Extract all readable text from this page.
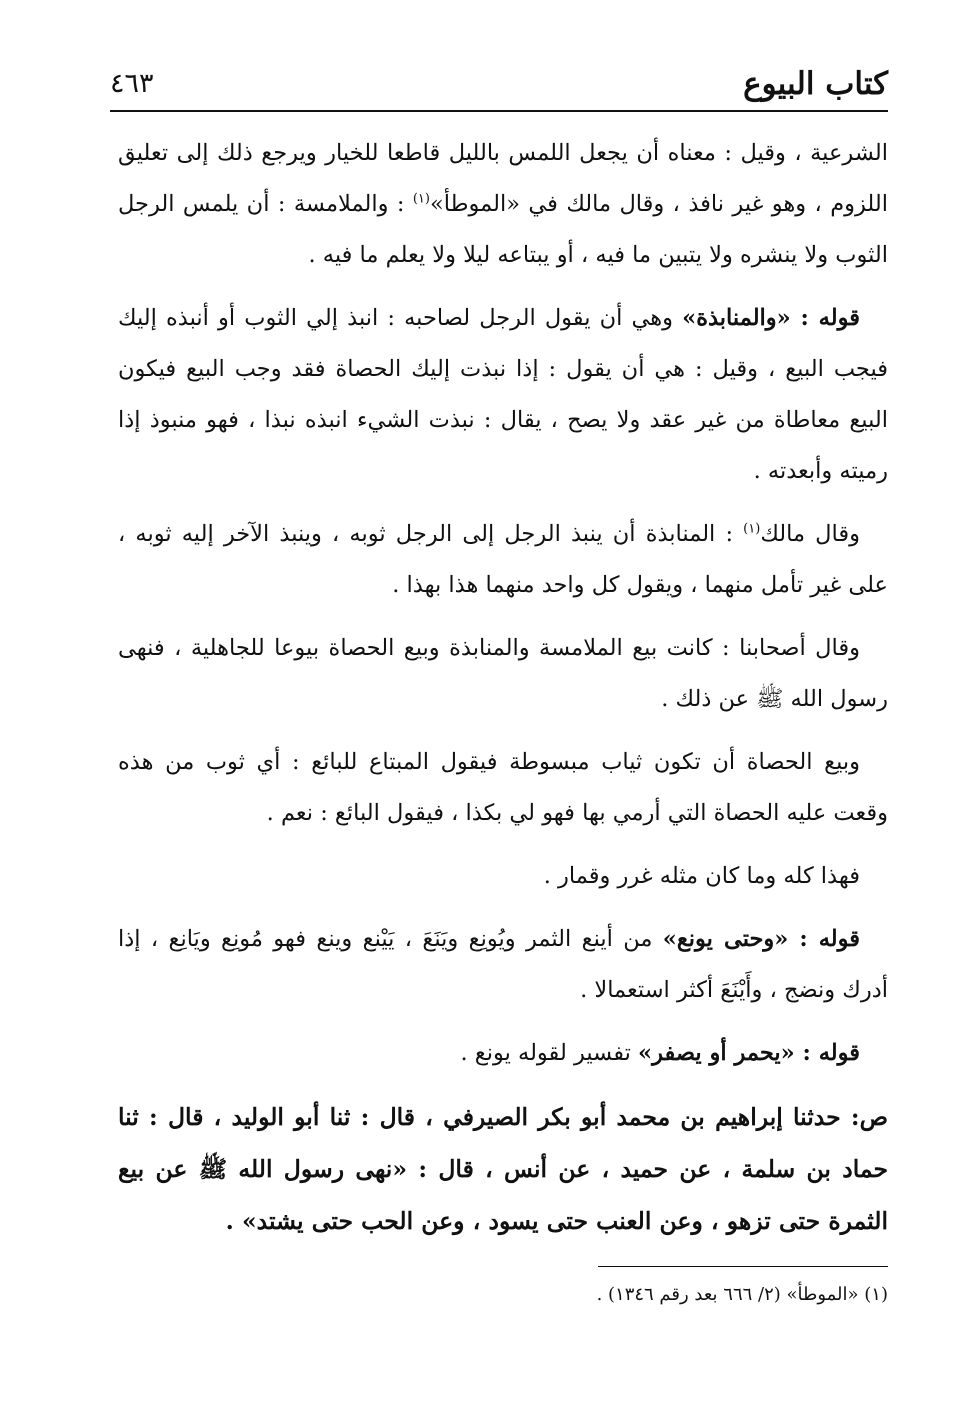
كتاب البيوع
٤٦٣

الشرعية ، وقيل : معناه أن يجعل اللمس بالليل قاطعا للخيار ويرجع ذلك إلى تعليق اللزوم ، وهو غير نافذ ، وقال مالك في «الموطأ»$^{(١)}$ : والملامسة : أن يلمس الرجل الثوب ولا ينشره ولا يتبين ما فيه ، أو يبتاعه ليلا ولا يعلم ما فيه .

قوله : «والمنابذة» وهي أن يقول الرجل لصاحبه : انبذ إلي الثوب أو أنبذه إليك فيجب البيع ، وقيل : هي أن يقول : إذا نبذت إليك الحصاة فقد وجب البيع فيكون البيع معاطاة من غير عقد ولا يصح ، يقال : نبذت الشيء انبذه نبذا ، فهو منبوذ إذا رميته وأبعدته .

وقال مالك$^{(١)}$ : المنابذة أن ينبذ الرجل إلى الرجل ثوبه ، وينبذ الآخر إليه ثوبه ، على غير تأمل منهما ، ويقول كل واحد منهما هذا بهذا .

وقال أصحابنا : كانت بيع الملامسة والمنابذة وبيع الحصاة بيوعا للجاهلية ، فنهى رسول الله ﷺ عن ذلك .

وبيع الحصاة أن تكون ثياب مبسوطة فيقول المبتاع للبائع : أي ثوب من هذه وقعت عليه الحصاة التي أرمي بها فهو لي بكذا ، فيقول البائع : نعم .

فهذا كله وما كان مثله غرر وقمار .

قوله : «وحتى يونع» من أينع الثمر ويُونِع ويَنَعَ ، يَيْنع وينع فهو مُونِع ويَانِع ، إذا أدرك ونضج ، وأَيْنَعَ أكثر استعمالا .

قوله : «يحمر أو يصفر» تفسير لقوله يونع .

ص: حدثنا إبراهيم بن محمد أبو بكر الصيرفي ، قال : ثنا أبو الوليد ، قال : ثنا حماد بن سلمة ، عن حميد ، عن أنس ، قال : «نهى رسول الله ﷺ عن بيع الثمرة حتى تزهو ، وعن العنب حتى يسود ، وعن الحب حتى يشتد» .

(١) «الموطأ» (٢/ ٦٦٦ بعد رقم ١٣٤٦) .
